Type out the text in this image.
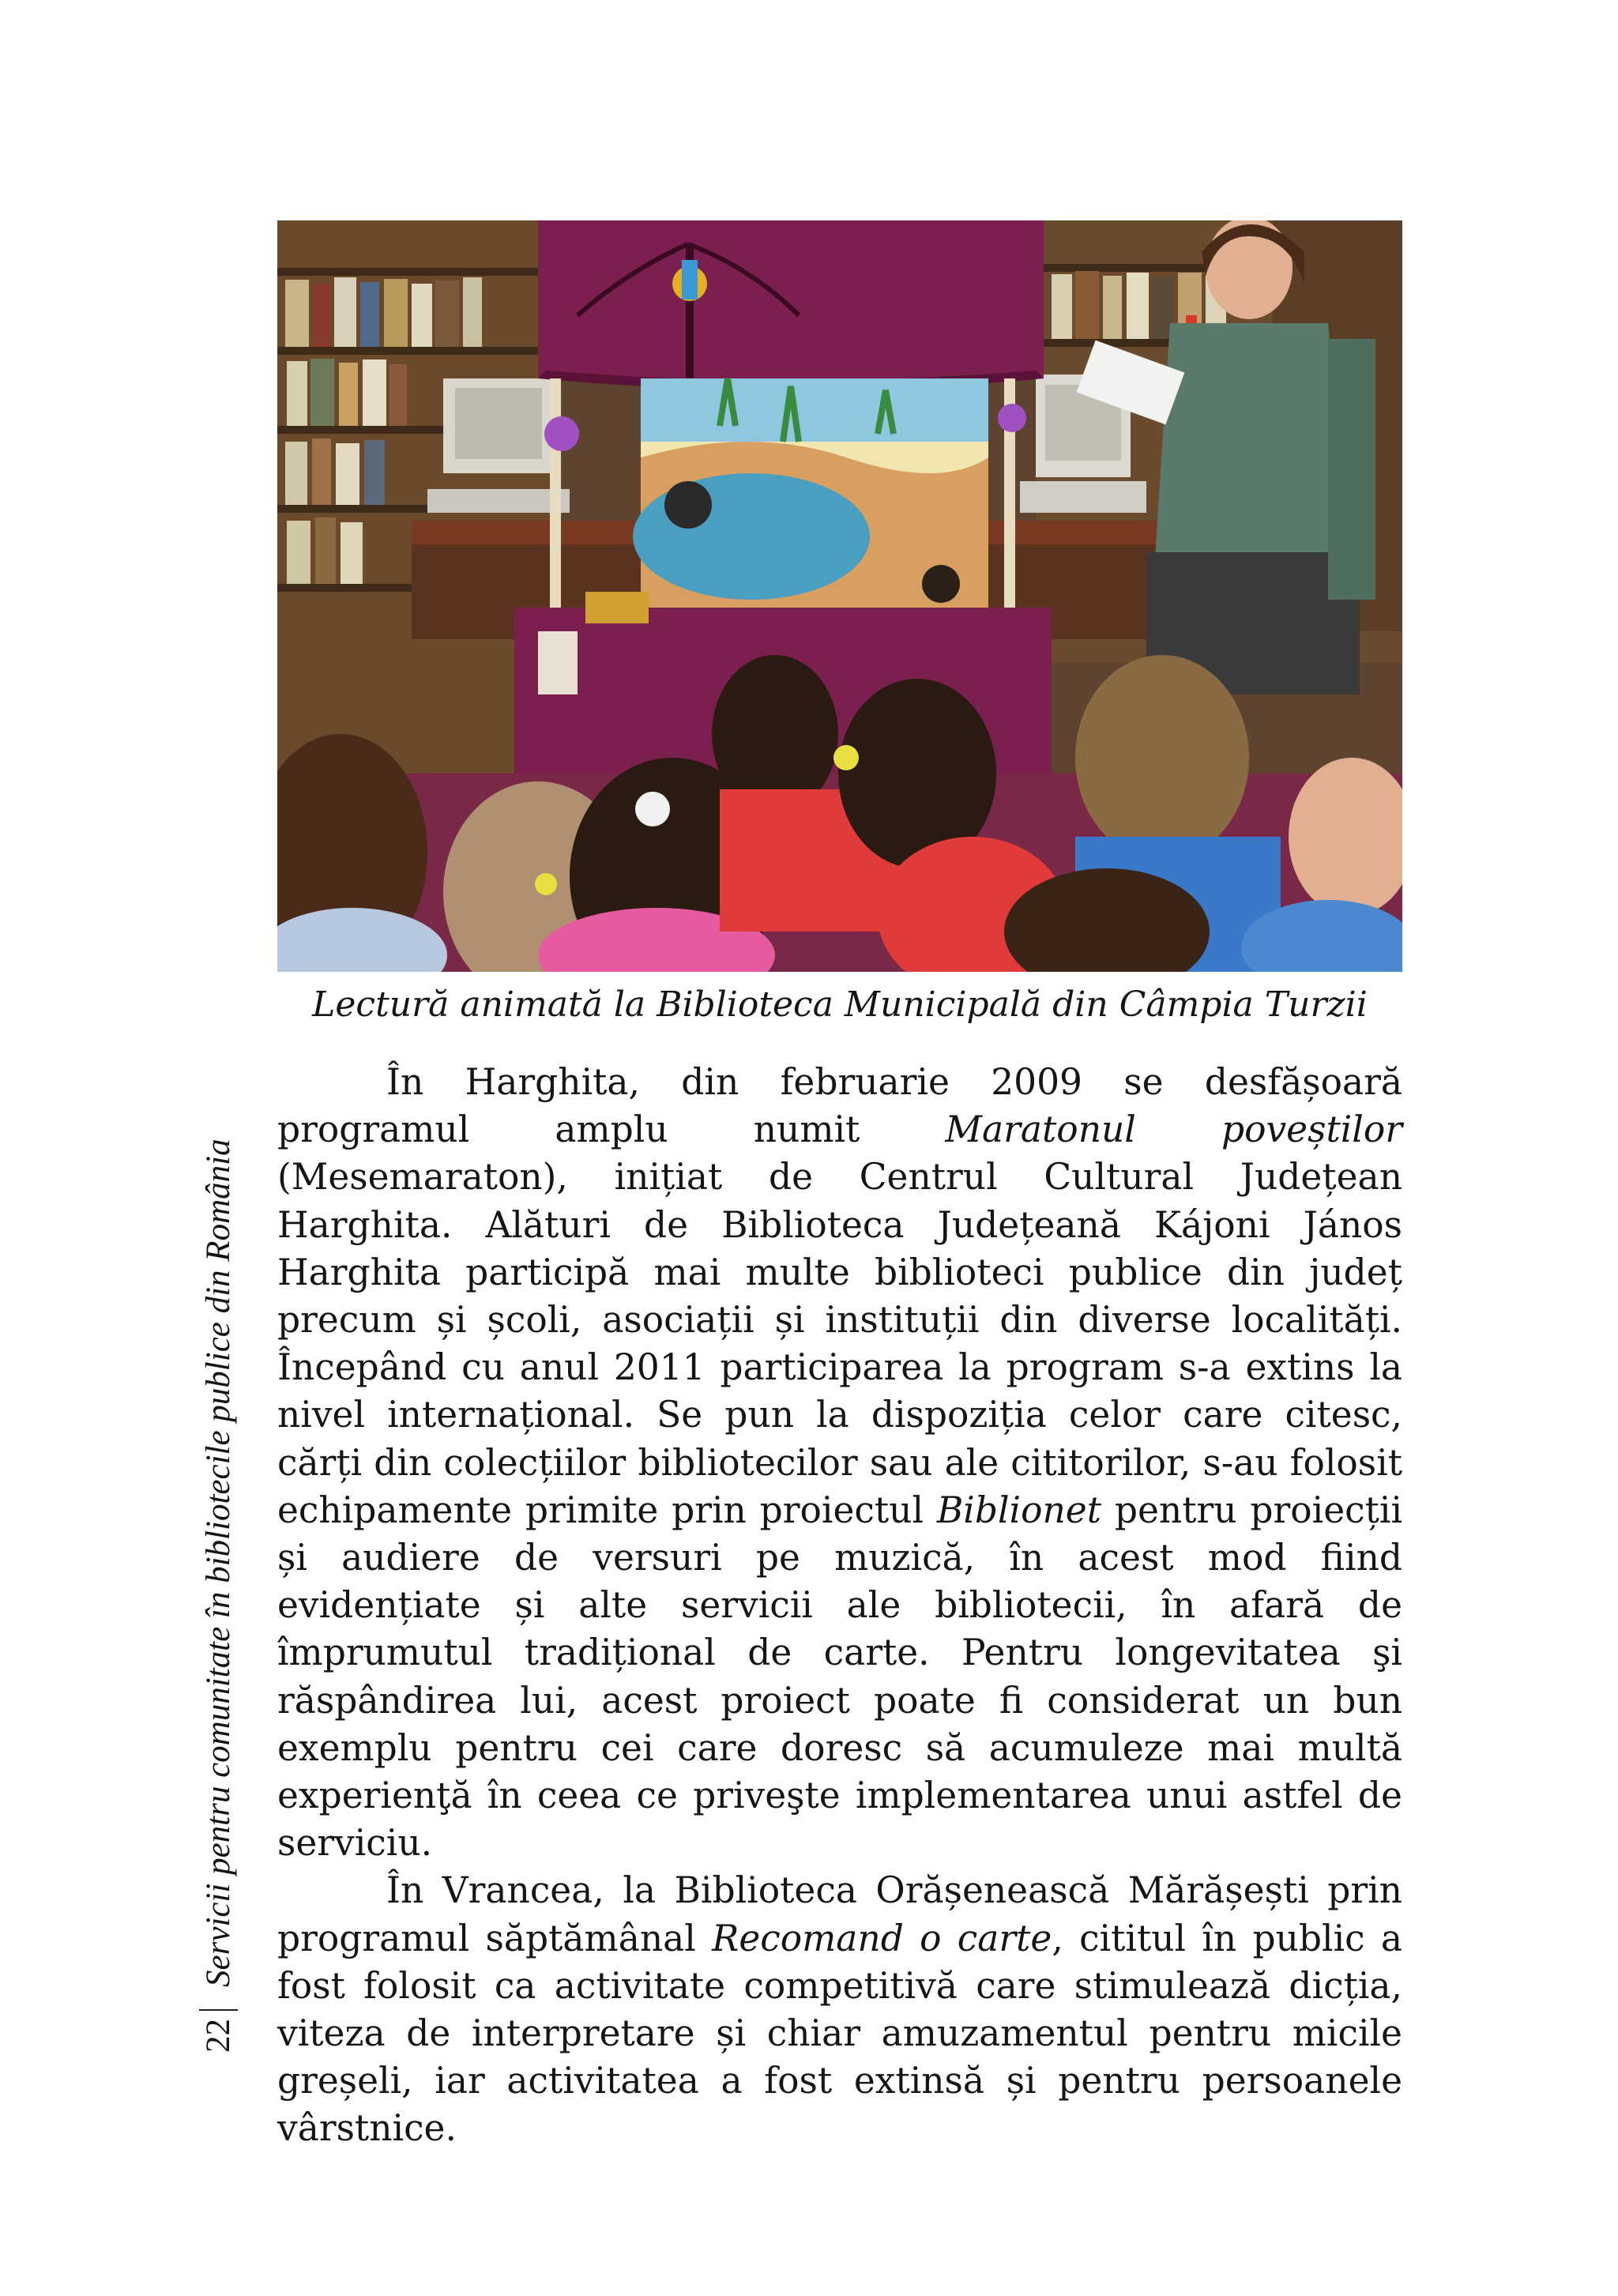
22
Servicii pentru comunitate în bibliotecile publice din România
Lectură animată la Biblioteca Municipală din Câmpia Turzii

În Harghita, din februarie 2009 se desfășoară programul amplu numit Maratonul poveștilor (Mesemaraton), inițiat de Centrul Cultural Județean Harghita. Alături de Biblioteca Județeană Kájoni János Harghita participă mai multe biblioteci publice din județ precum și școli, asociații și instituții din diverse localități. Începând cu anul 2011 participarea la program s-a extins la nivel internațional. Se pun la dispoziția celor care citesc, cărți din colecțiilor bibliotecilor sau ale cititorilor, s-au folosit echipamente primite prin proiectul Biblionet pentru proiecții și audiere de versuri pe muzică, în acest mod fiind evidențiate și alte servicii ale bibliotecii, în afară de împrumutul tradițional de carte. Pentru longevitatea şi răspândirea lui, acest proiect poate fi considerat un bun exemplu pentru cei care doresc să acumuleze mai multă experienţă în ceea ce priveşte implementarea unui astfel de serviciu.

În Vrancea, la Biblioteca Orășenească Mărășești prin programul săptămânal Recomand o carte, cititul în public a fost folosit ca activitate competitivă care stimulează dicția, viteza de interpretare și chiar amuzamentul pentru micile greșeli, iar activitatea a fost extinsă și pentru persoanele vârstnice.
